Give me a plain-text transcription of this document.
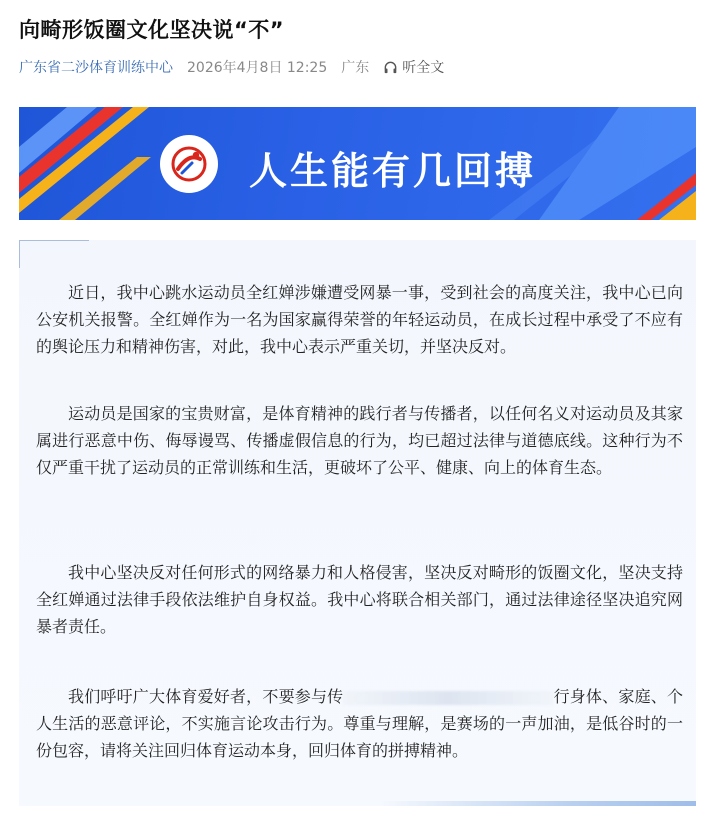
向畸形饭圈文化坚决说“不”
广东省二沙体育训练中心 2026年4月8日 12:25 广东 听全文
人生能有几回搏

近日，我中心跳水运动员全红婵涉嫌遭受网暴一事，受到社会的高度关注，我中心已向公安机关报警。全红婵作为一名为国家赢得荣誉的年轻运动员，在成长过程中承受了不应有的舆论压力和精神伤害，对此，我中心表示严重关切，并坚决反对。

运动员是国家的宝贵财富，是体育精神的践行者与传播者，以任何名义对运动员及其家属进行恶意中伤、侮辱谩骂、传播虚假信息的行为，均已超过法律与道德底线。这种行为不仅严重干扰了运动员的正常训练和生活，更破坏了公平、健康、向上的体育生态。

我中心坚决反对任何形式的网络暴力和人格侵害，坚决反对畸形的饭圈文化，坚决支持全红婵通过法律手段依法维护自身权益。我中心将联合相关部门，通过法律途径坚决追究网暴者责任。

我们呼吁广大体育爱好者，不要参与传	行身体、家庭、个人生活的恶意评论，不实施言论攻击行为。尊重与理解，是赛场的一声加油，是低谷时的一份包容，请将关注回归体育运动本身，回归体育的拼搏精神。
